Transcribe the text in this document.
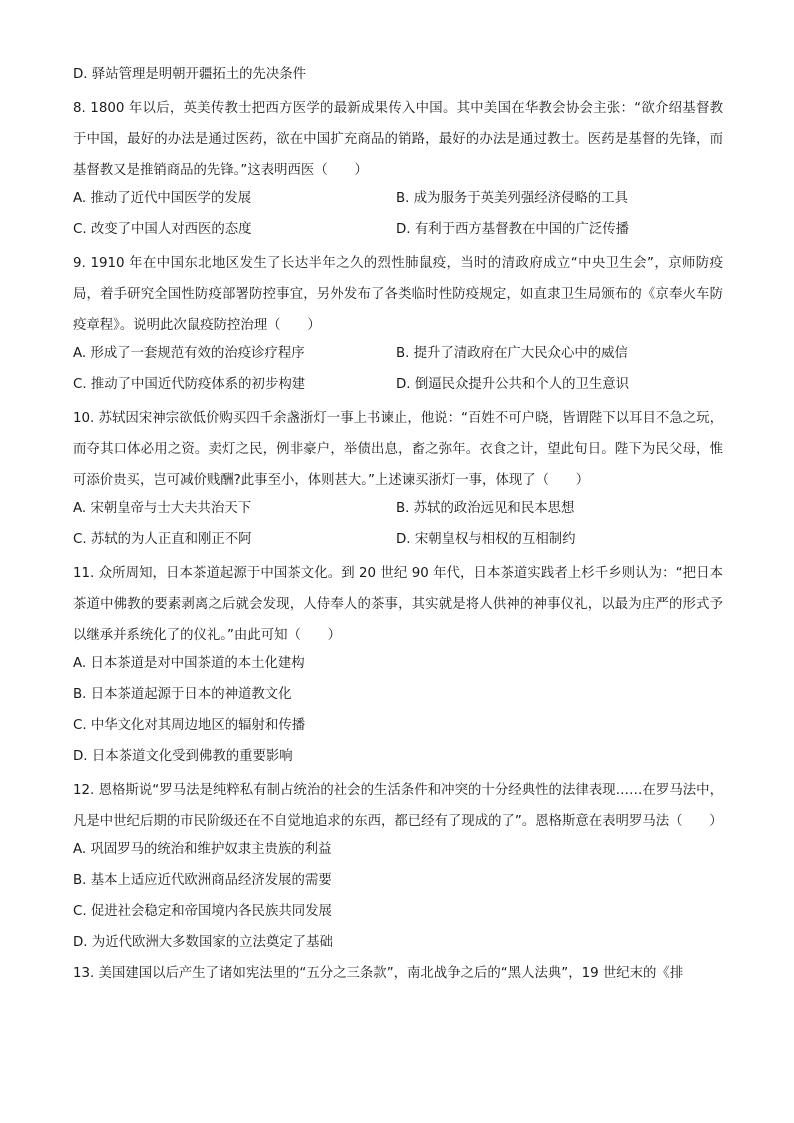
D. 驿站管理是明朝开疆拓土的先决条件
8. 1800 年以后，英美传教士把西方医学的最新成果传入中国。其中美国在华教会协会主张：“欲介绍基督教于中国，最好的办法是通过医药，欲在中国扩充商品的销路，最好的办法是通过教士。医药是基督的先锋，而基督教又是推销商品的先锋。”这表明西医（　　）
A. 推动了近代中国医学的发展	B. 成为服务于英美列强经济侵略的工具
C. 改变了中国人对西医的态度	D. 有利于西方基督教在中国的广泛传播
9. 1910 年在中国东北地区发生了长达半年之久的烈性肺鼠疫，当时的清政府成立“中央卫生会”，京师防疫局，着手研究全国性防疫部署防控事宜，另外发布了各类临时性防疫规定，如直隶卫生局颁布的《京奉火车防疫章程》。说明此次鼠疫防控治理（　　）
A. 形成了一套规范有效的治疫诊疗程序	B. 提升了清政府在广大民众心中的威信
C. 推动了中国近代防疫体系的初步构建	D. 倒逼民众提升公共和个人的卫生意识
10. 苏轼因宋神宗欲低价购买四千余盏浙灯一事上书谏止，他说：“百姓不可户晓，皆谓陛下以耳目不急之玩，而夺其口体必用之资。卖灯之民，例非豪户，举债出息，畜之弥年。衣食之计，望此旬日。陛下为民父母，惟可添价贵买，岂可减价贱酬?此事至小，体则甚大。”上述谏买浙灯一事，体现了（　　）
A. 宋朝皇帝与士大夫共治天下	B. 苏轼的政治远见和民本思想
C. 苏轼的为人正直和刚正不阿	D. 宋朝皇权与相权的互相制约
11. 众所周知，日本茶道起源于中国茶文化。到 20 世纪 90 年代，日本茶道实践者上杉千乡则认为：“把日本茶道中佛教的要素剥离之后就会发现，人侍奉人的茶事，其实就是将人供神的神事仪礼，以最为庄严的形式予以继承并系统化了的仪礼。”由此可知（　　）
A. 日本茶道是对中国茶道的本土化建构
B. 日本茶道起源于日本的神道教文化
C. 中华文化对其周边地区的辐射和传播
D. 日本茶道文化受到佛教的重要影响
12. 恩格斯说“罗马法是纯粹私有制占统治的社会的生活条件和冲突的十分经典性的法律表现……在罗马法中，凡是中世纪后期的市民阶级还在不自觉地追求的东西，都已经有了现成的了”。恩格斯意在表明罗马法（　　）
A. 巩固罗马的统治和维护奴隶主贵族的利益
B. 基本上适应近代欧洲商品经济发展的需要
C. 促进社会稳定和帝国境内各民族共同发展
D. 为近代欧洲大多数国家的立法奠定了基础
13. 美国建国以后产生了诸如宪法里的“五分之三条款”，南北战争之后的“黑人法典”，19 世纪末的《排
